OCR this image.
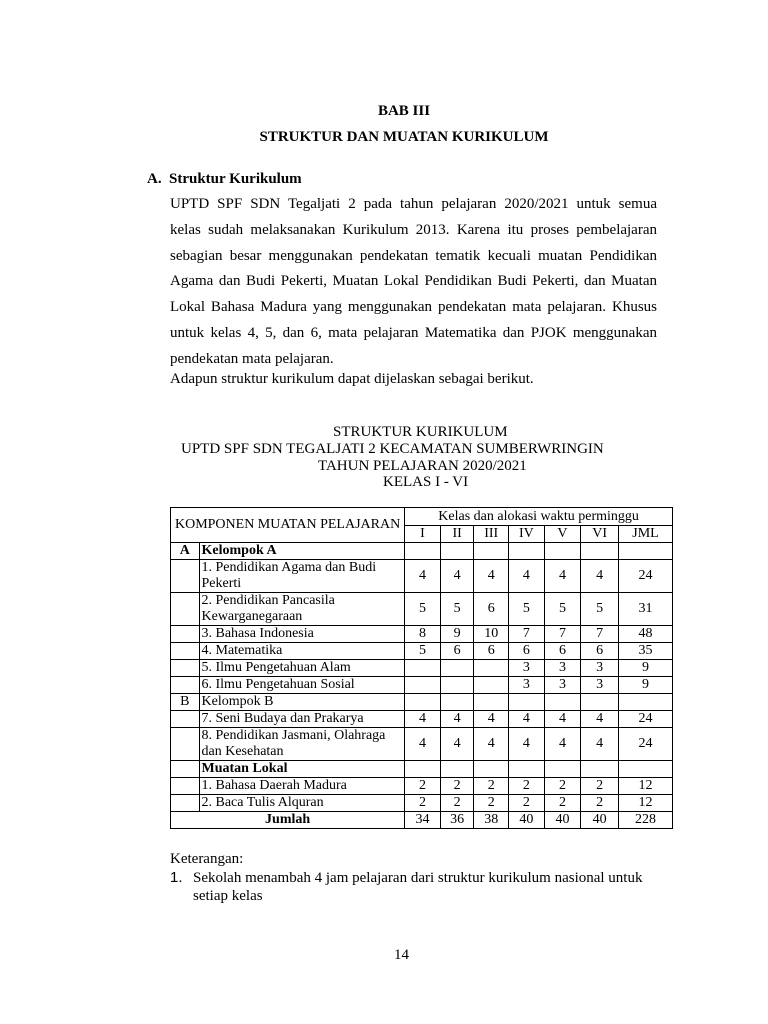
BAB III
STRUKTUR DAN MUATAN KURIKULUM
A. Struktur Kurikulum
UPTD SPF SDN Tegaljati 2 pada tahun pelajaran 2020/2021 untuk semua
kelas sudah melaksanakan Kurikulum 2013. Karena itu proses pembelajaran
sebagian besar menggunakan pendekatan tematik kecuali muatan Pendidikan
Agama dan Budi Pekerti, Muatan Lokal Pendidikan Budi Pekerti, dan Muatan
Lokal Bahasa Madura yang menggunakan pendekatan mata pelajaran. Khusus
untuk kelas 4, 5, dan 6, mata pelajaran Matematika dan PJOK menggunakan
pendekatan mata pelajaran.
Adapun struktur kurikulum dapat dijelaskan sebagai berikut.
STRUKTUR KURIKULUM
UPTD SPF SDN TEGALJATI 2 KECAMATAN SUMBERWRINGIN
TAHUN PELAJARAN 2020/2021
KELAS I - VI
KOMPONEN MUATAN PELAJARAN		Kelas dan alokasi waktu perminggu						
		I	II	III	IV	V	VI	JML
A	Kelompok A							
	1. Pendidikan Agama dan Budi Pekerti	4	4	4	4	4	4	24
	2. Pendidikan Pancasila Kewarganegaraan	5	5	6	5	5	5	31
	3. Bahasa Indonesia	8	9	10	7	7	7	48
	4. Matematika	5	6	6	6	6	6	35
	5. Ilmu Pengetahuan Alam				3	3	3	9
	6. Ilmu Pengetahuan Sosial				3	3	3	9
B	Kelompok B							
	7. Seni Budaya dan Prakarya	4	4	4	4	4	4	24
	8. Pendidikan Jasmani, Olahraga dan Kesehatan	4	4	4	4	4	4	24
	Muatan Lokal							
	1. Bahasa Daerah Madura	2	2	2	2	2	2	12
	2. Baca Tulis Alquran	2	2	2	2	2	2	12
Jumlah		34	36	38	40	40	40	228
Keterangan:
1. Sekolah menambah 4 jam pelajaran dari struktur kurikulum nasional untuk setiap kelas
14
